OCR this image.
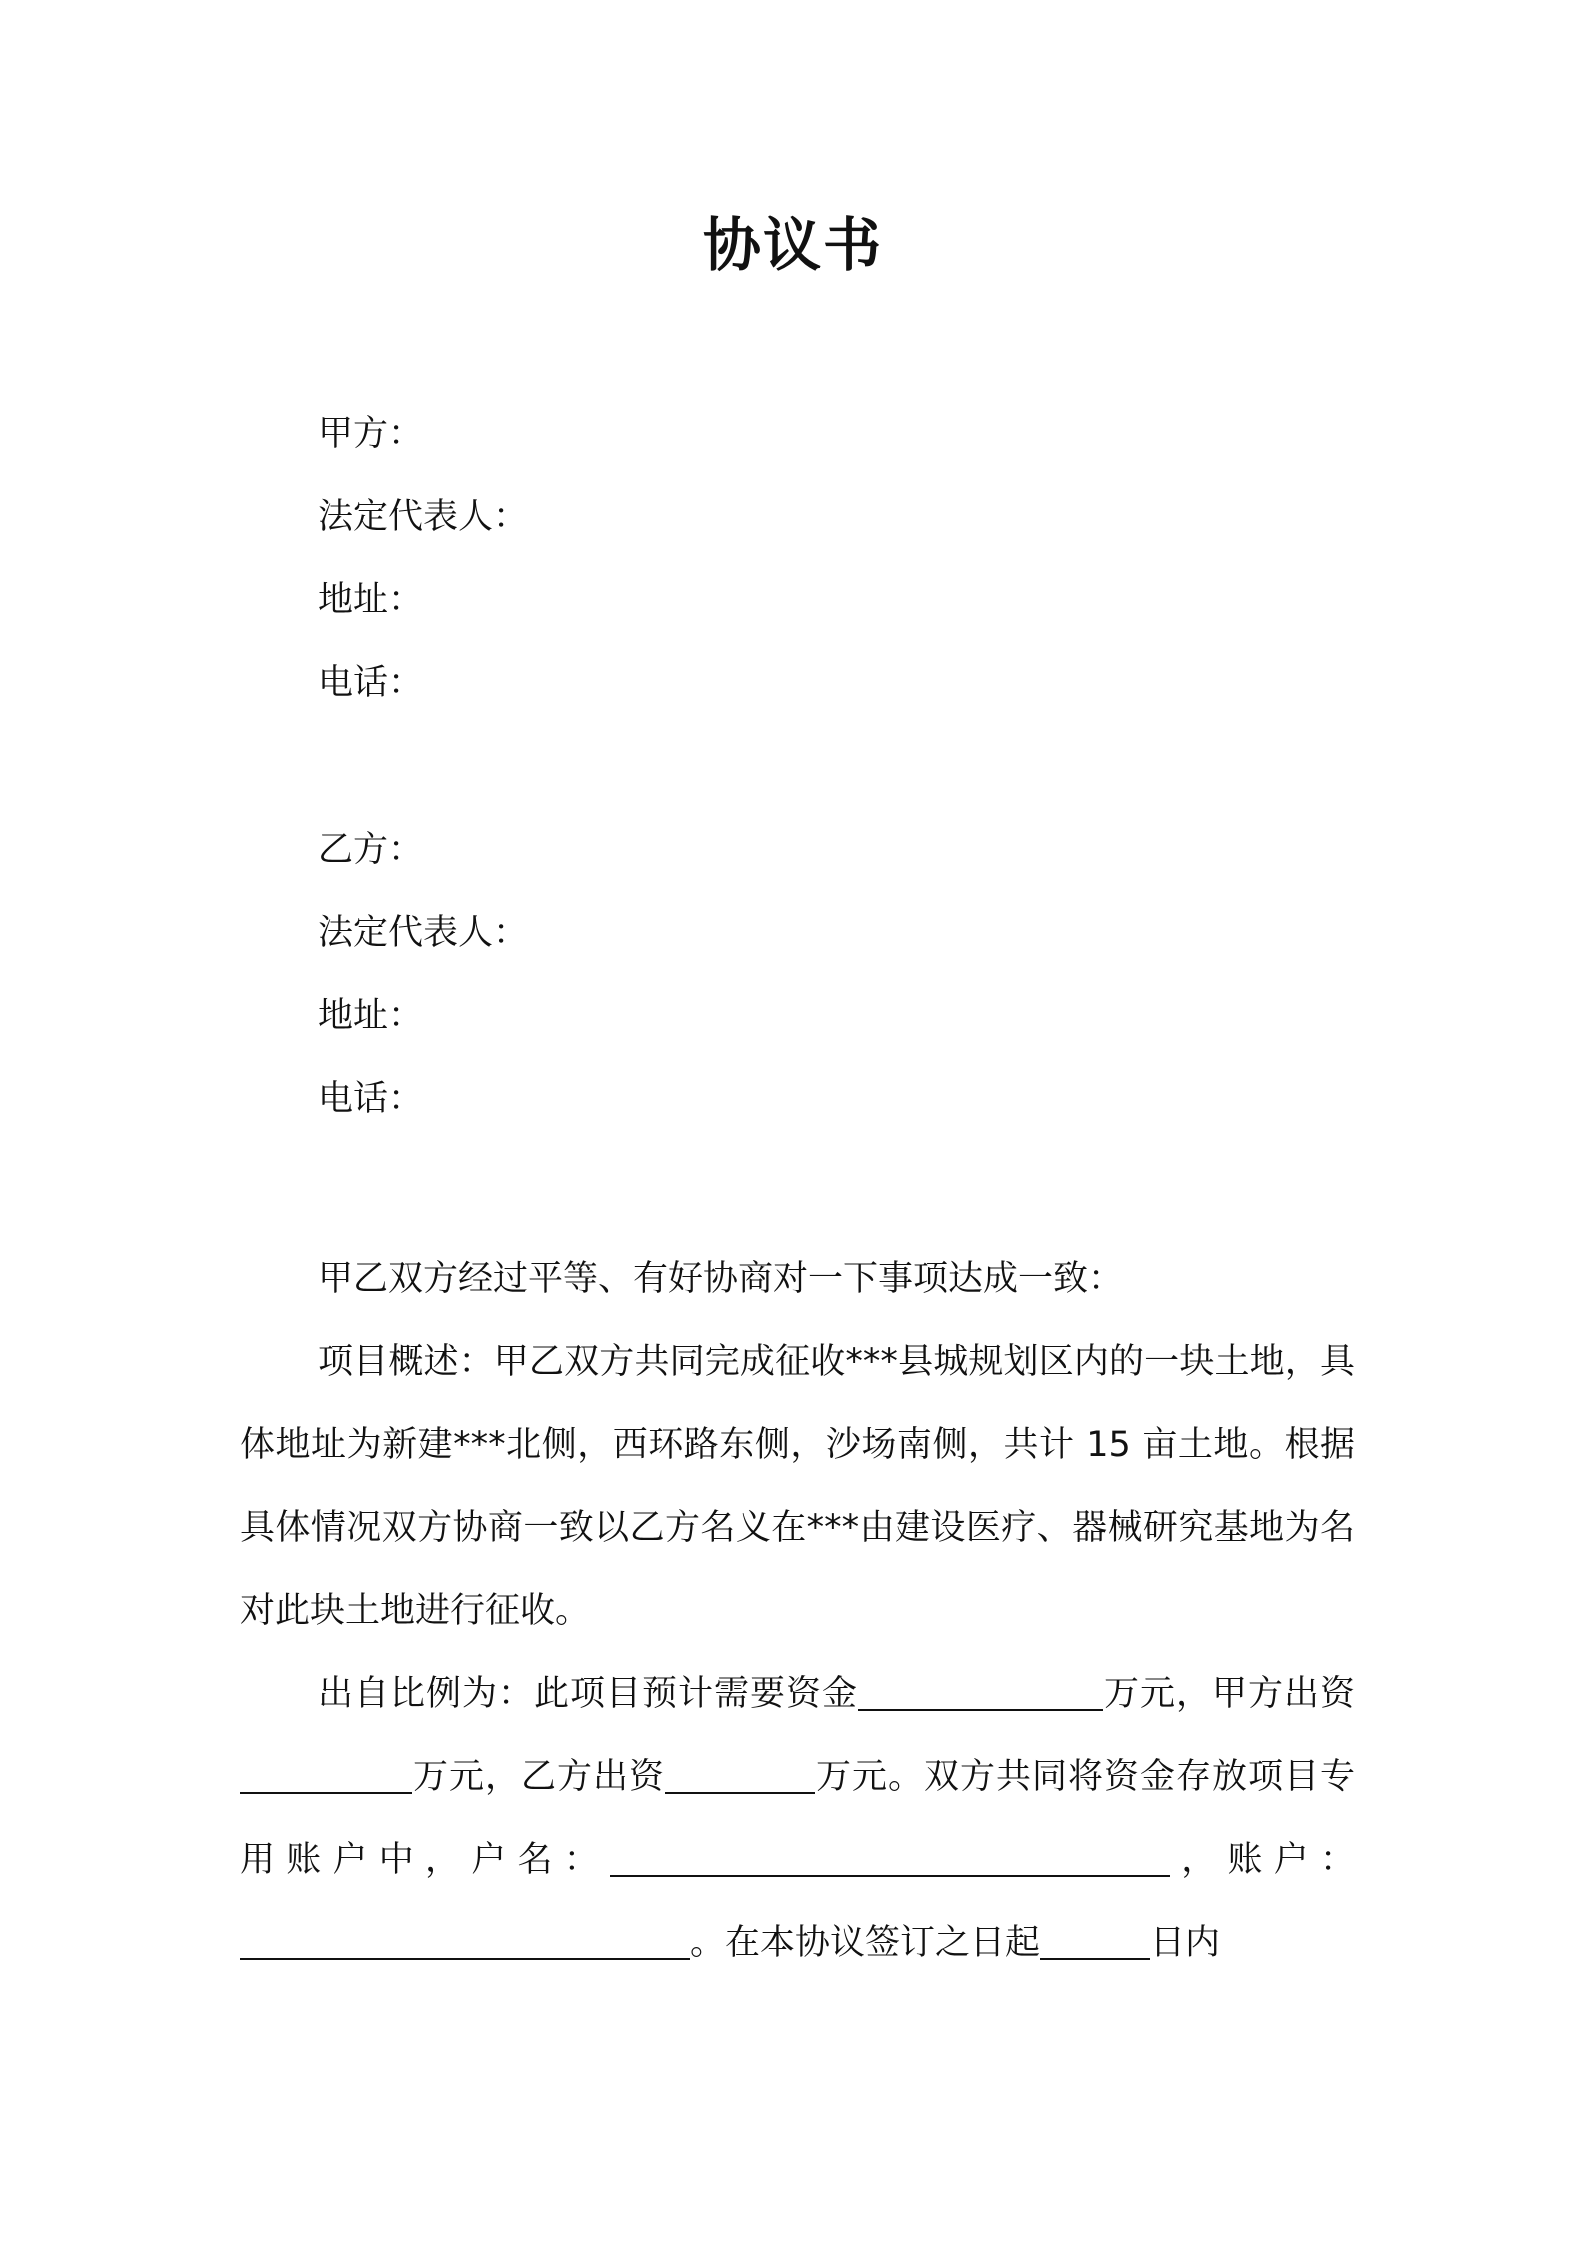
协议书
甲方：
法定代表人：
地址：
电话：
乙方：
法定代表人：
地址：
电话：

甲乙双方经过平等、有好协商对一下事项达成一致：

项目概述：甲乙双方共同完成征收***县城规划区内的一块土地，具体地址为新建***北侧，西环路东侧，沙场南侧，共计 15 亩土地。根据具体情况双方协商一致以乙方名义在***由建设医疗、器械研究基地为名对此块土地进行征收。

出自比例为：此项目预计需要资金	万元，甲方出资万元，乙方出资	万元。双方共同将资金存放项目专用账户中，户名：	，账户：。在本协议签订之日起	日内
